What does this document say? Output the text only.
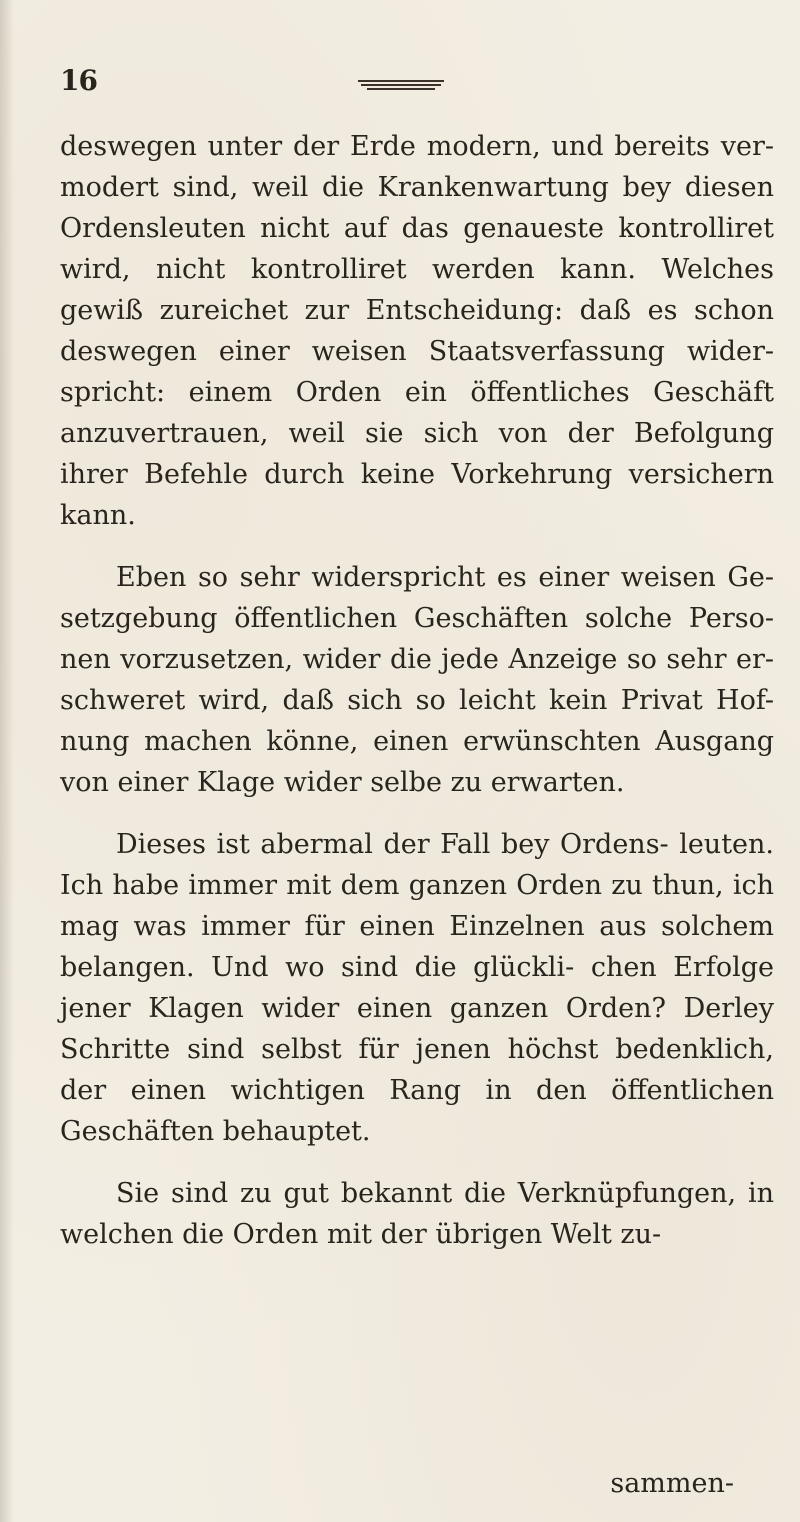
16

deswegen unter der Erde modern, und bereits ver- modert sind, weil die Krankenwartung bey diesen Ordensleuten nicht auf das genaueste kontrolliret wird, nicht kontrolliret werden kann. Welches gewiß zureichet zur Entscheidung: daß es schon deswegen einer weisen Staatsverfassung wider- spricht: einem Orden ein öffentliches Geschäft anzuvertrauen, weil sie sich von der Befolgung ihrer Befehle durch keine Vorkehrung versichern kann.

Eben so sehr widerspricht es einer weisen Ge- setzgebung öffentlichen Geschäften solche Perso- nen vorzusetzen, wider die jede Anzeige so sehr er- schweret wird, daß sich so leicht kein Privat Hof- nung machen könne, einen erwünschten Ausgang von einer Klage wider selbe zu erwarten.

Dieses ist abermal der Fall bey Ordens- leuten. Ich habe immer mit dem ganzen Orden zu thun, ich mag was immer für einen Einzelnen aus solchem belangen. Und wo sind die glückli- chen Erfolge jener Klagen wider einen ganzen Orden? Derley Schritte sind selbst für jenen höchst bedenklich, der einen wichtigen Rang in den öffentlichen Geschäften behauptet.

Sie sind zu gut bekannt die Verknüpfungen, in welchen die Orden mit der übrigen Welt zu-

sammen-
